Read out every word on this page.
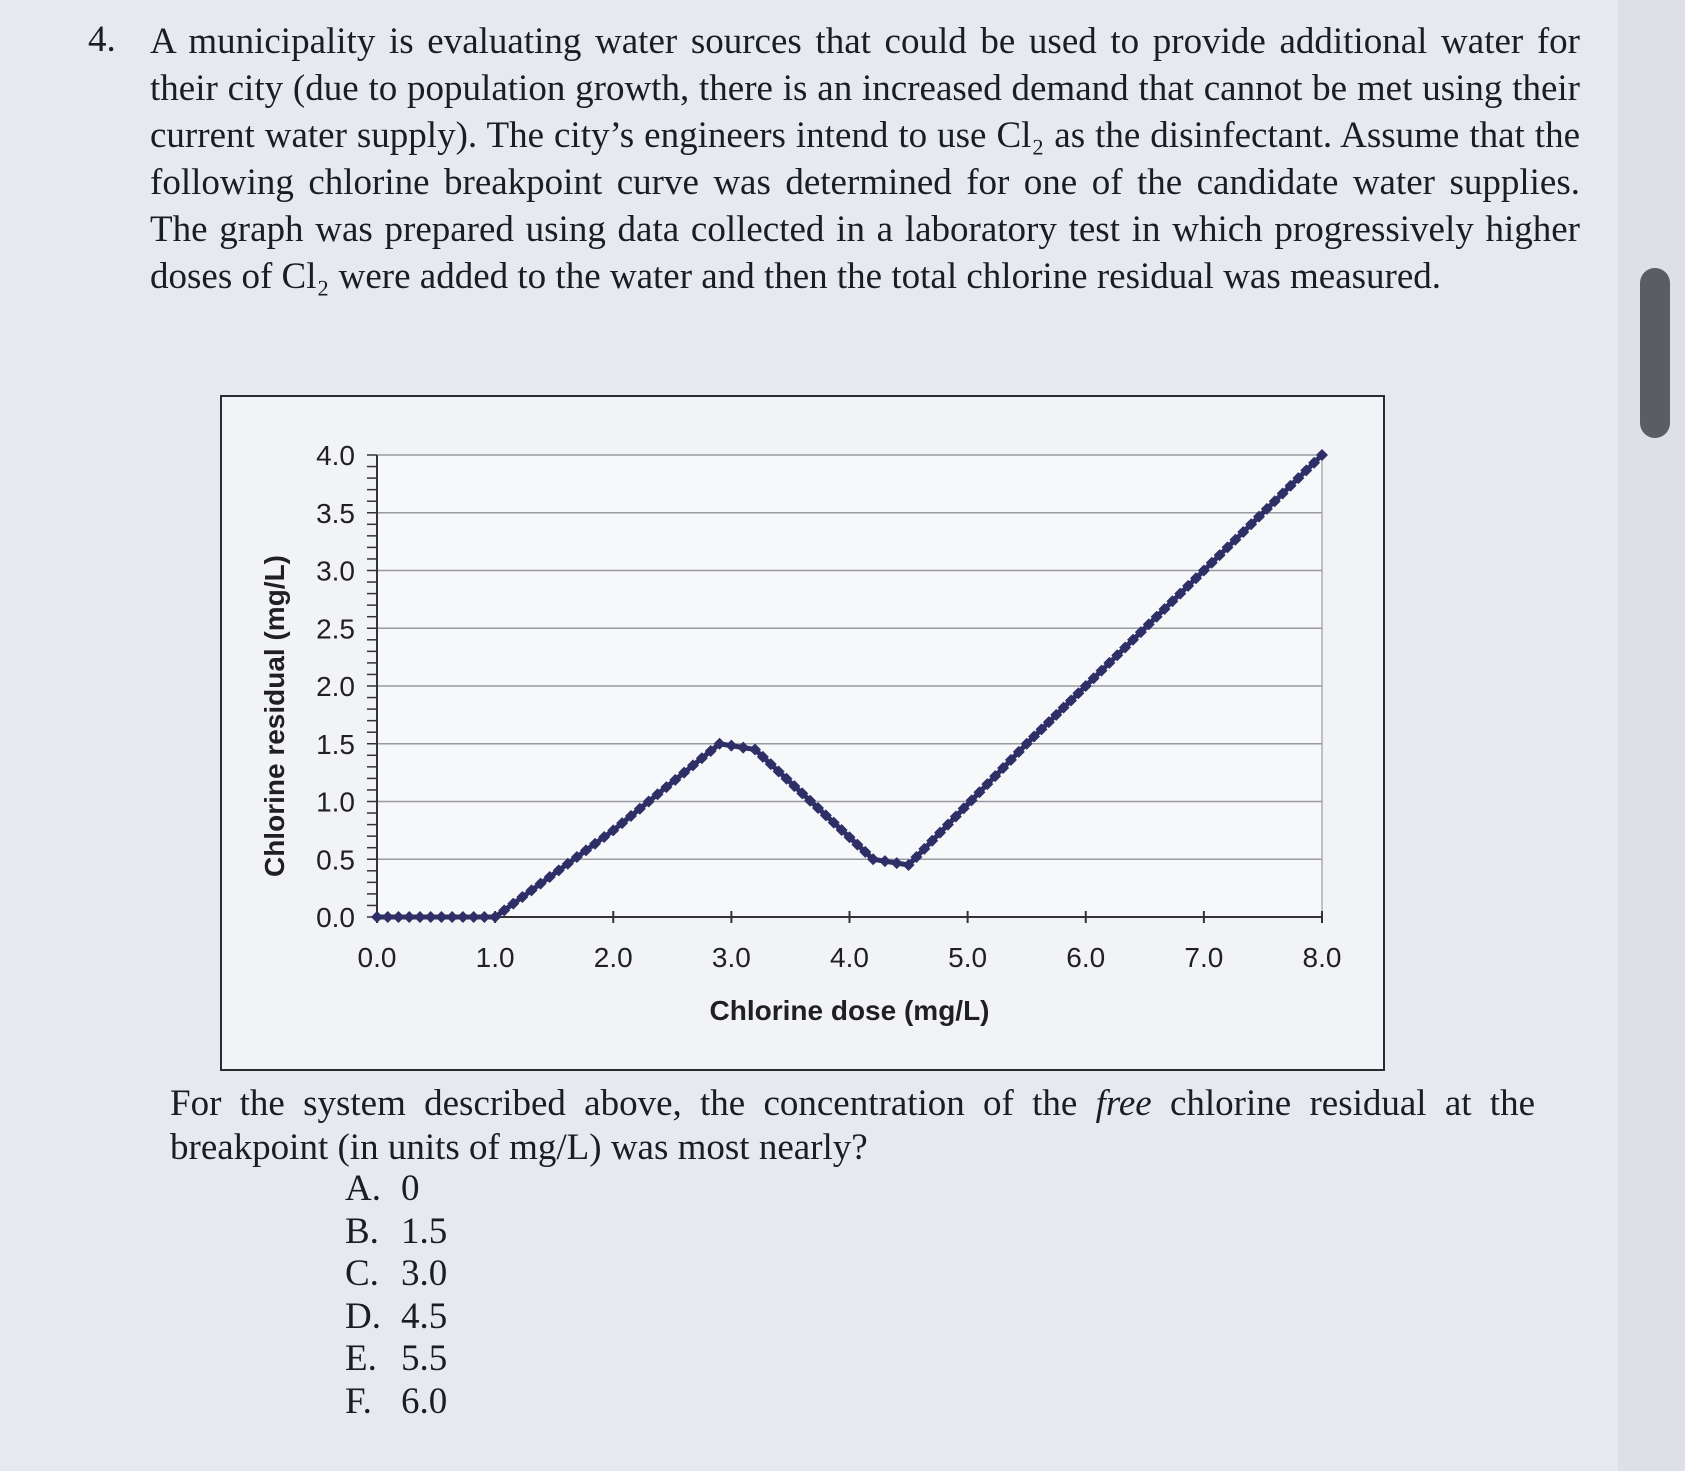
4. A municipality is evaluating water sources that could be used to provide additional water for their city (due to population growth, there is an increased demand that cannot be met using their current water supply). The city’s engineers intend to use Cl₂ as the disinfectant. Assume that the following chlorine breakpoint curve was determined for one of the candidate water supplies. The graph was prepared using data collected in a laboratory test in which progressively higher doses of Cl₂ were added to the water and then the total chlorine residual was measured.
0.0
0.5
1.0
1.5
2.0
2.5
3.0
3.5
4.0
0.0	1.0	2.0	3.0	4.0	5.0	6.0	7.0	8.0
Chlorine dose (mg/L)
Chlorine residual (mg/L)
For the system described above, the concentration of the free chlorine residual at the breakpoint (in units of mg/L) was most nearly?
A. 0
B. 1.5
C. 3.0
D. 4.5
E. 5.5
F. 6.0
